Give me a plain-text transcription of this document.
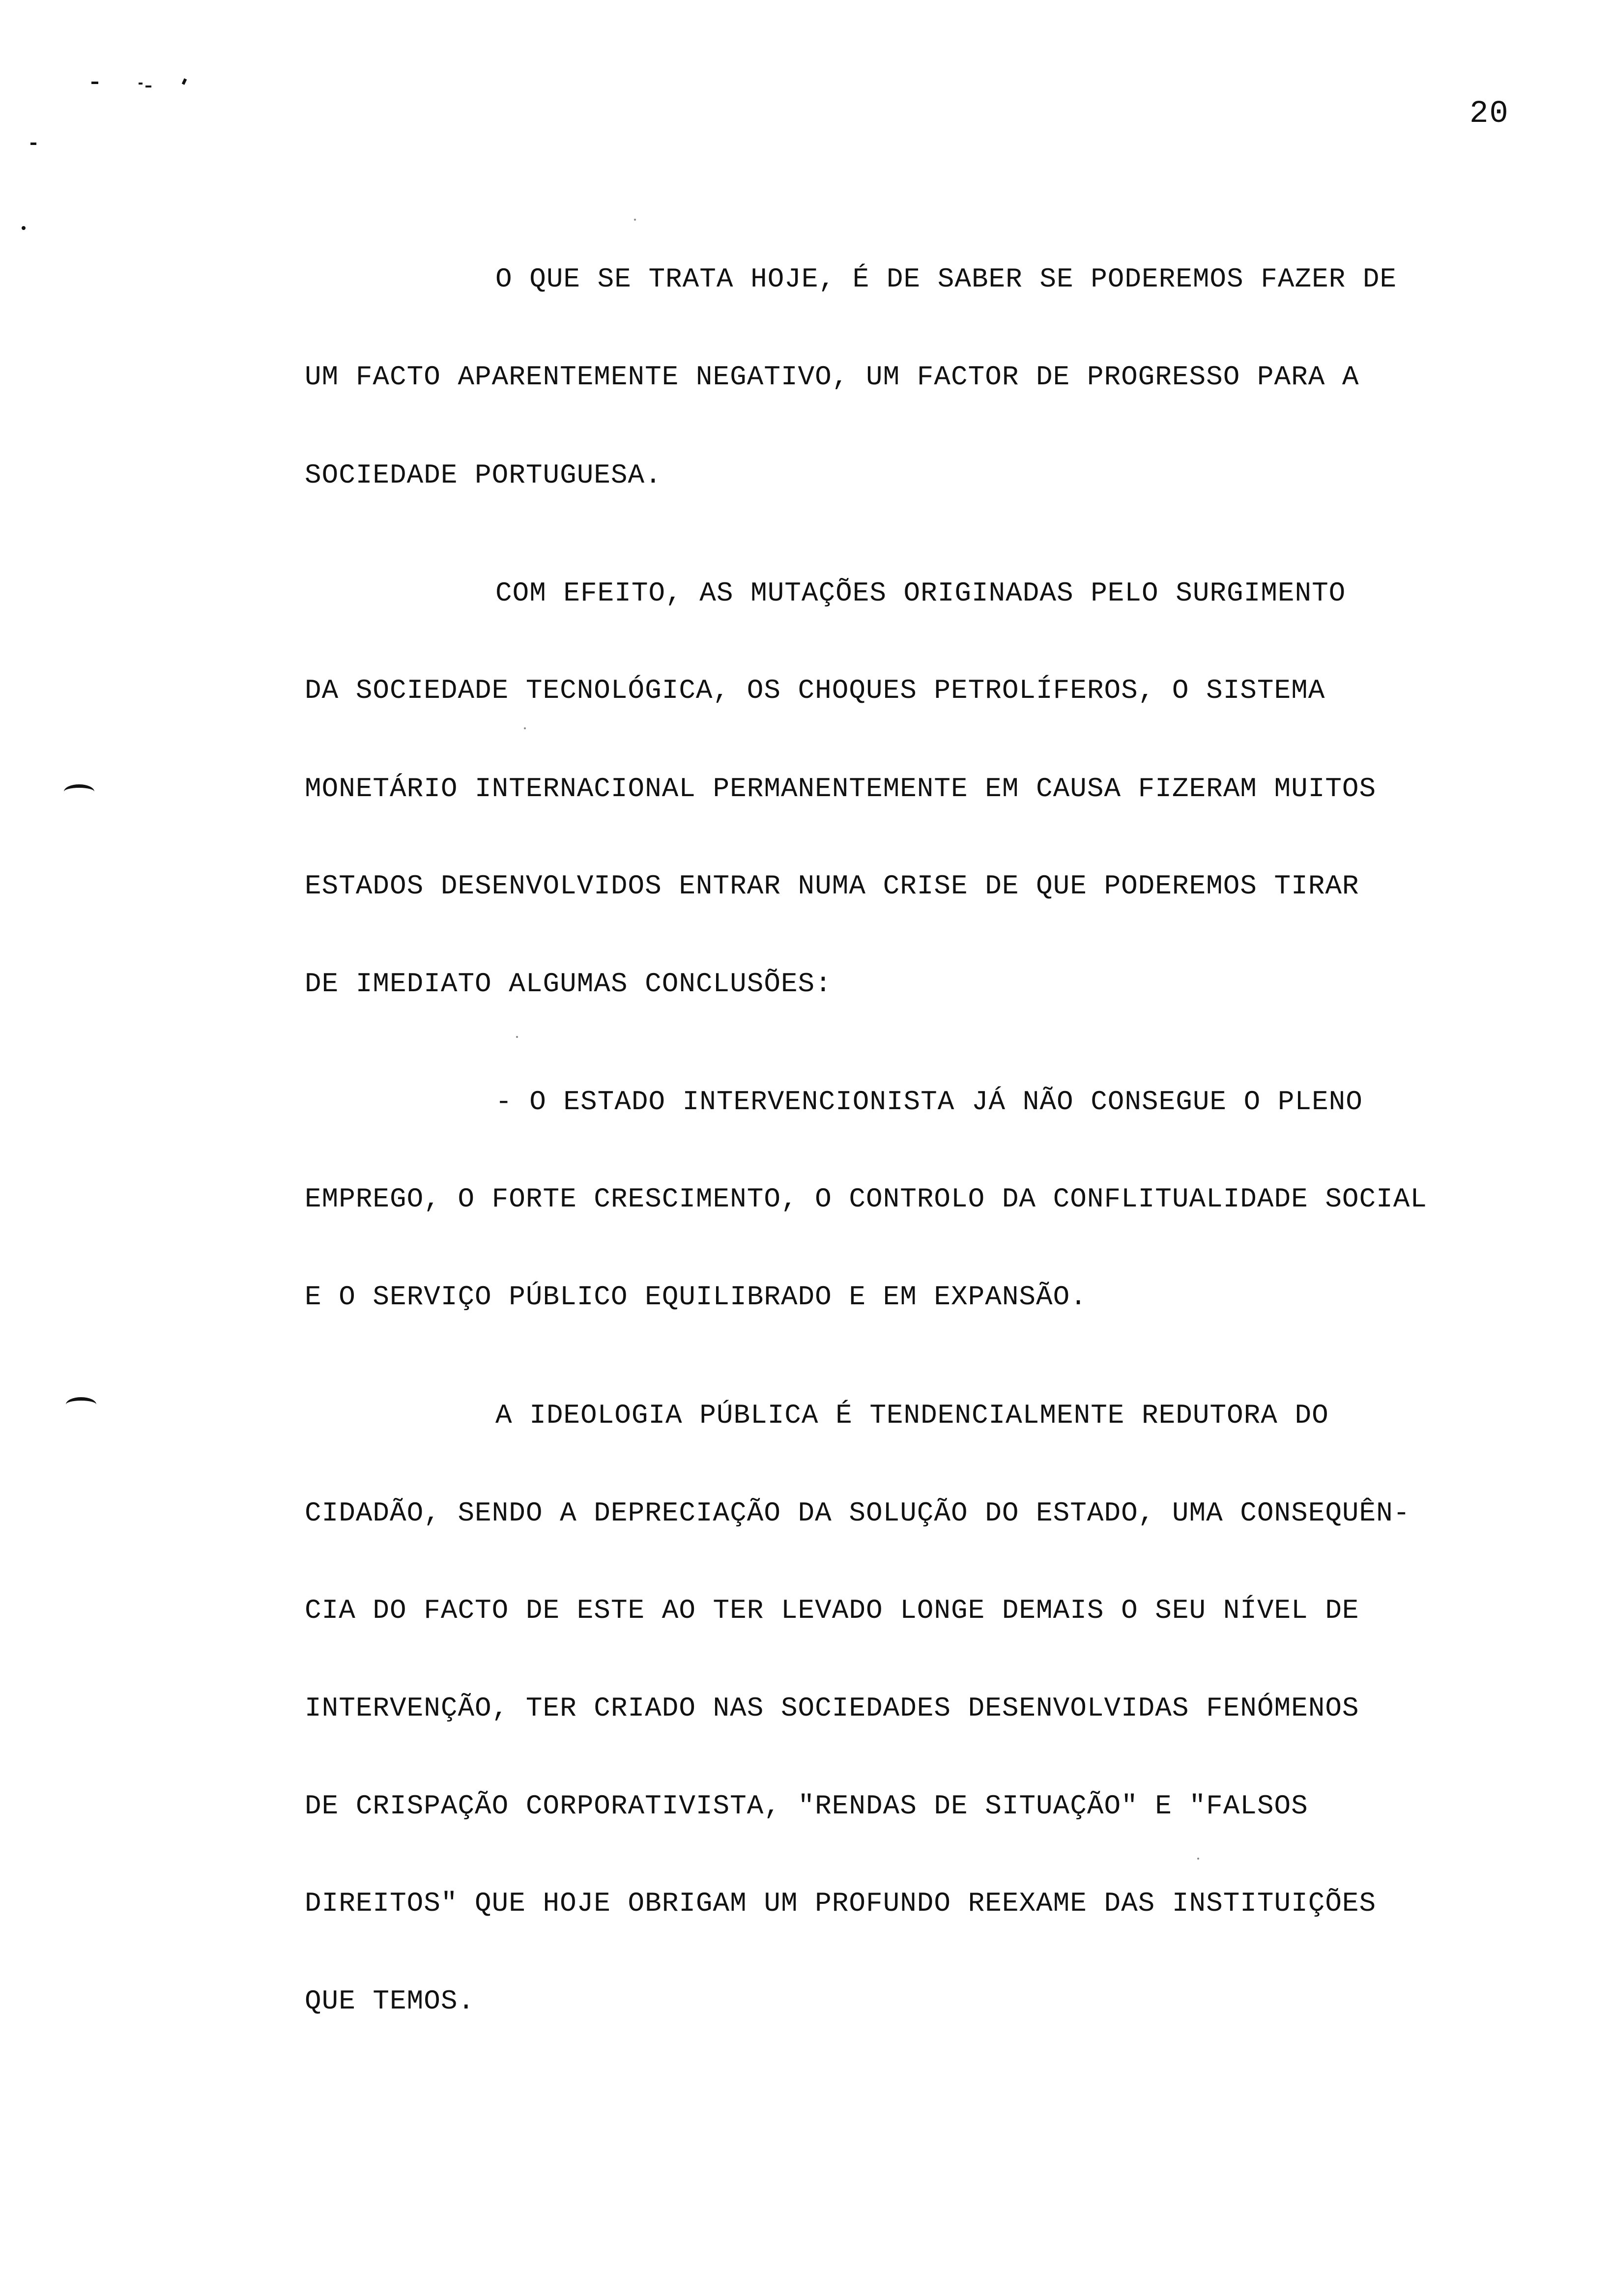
20
O QUE SE TRATA HOJE, É DE SABER SE PODEREMOS FAZER DE
UM FACTO APARENTEMENTE NEGATIVO, UM FACTOR DE PROGRESSO PARA A
SOCIEDADE PORTUGUESA.
COM EFEITO, AS MUTAÇÕES ORIGINADAS PELO SURGIMENTO
DA SOCIEDADE TECNOLÓGICA, OS CHOQUES PETROLÍFEROS, O SISTEMA
MONETÁRIO INTERNACIONAL PERMANENTEMENTE EM CAUSA FIZERAM MUITOS
ESTADOS DESENVOLVIDOS ENTRAR NUMA CRISE DE QUE PODEREMOS TIRAR
DE IMEDIATO ALGUMAS CONCLUSÕES:
- O ESTADO INTERVENCIONISTA JÁ NÃO CONSEGUE O PLENO
EMPREGO, O FORTE CRESCIMENTO, O CONTROLO DA CONFLITUALIDADE SOCIAL
E O SERVIÇO PÚBLICO EQUILIBRADO E EM EXPANSÃO.
A IDEOLOGIA PÚBLICA É TENDENCIALMENTE REDUTORA DO
CIDADÃO, SENDO A DEPRECIAÇÃO DA SOLUÇÃO DO ESTADO, UMA CONSEQUÊN-
CIA DO FACTO DE ESTE AO TER LEVADO LONGE DEMAIS O SEU NÍVEL DE
INTERVENÇÃO, TER CRIADO NAS SOCIEDADES DESENVOLVIDAS FENÓMENOS
DE CRISPAÇÃO CORPORATIVISTA, "RENDAS DE SITUAÇÃO" E "FALSOS
DIREITOS" QUE HOJE OBRIGAM UM PROFUNDO REEXAME DAS INSTITUIÇÕES
QUE TEMOS.
